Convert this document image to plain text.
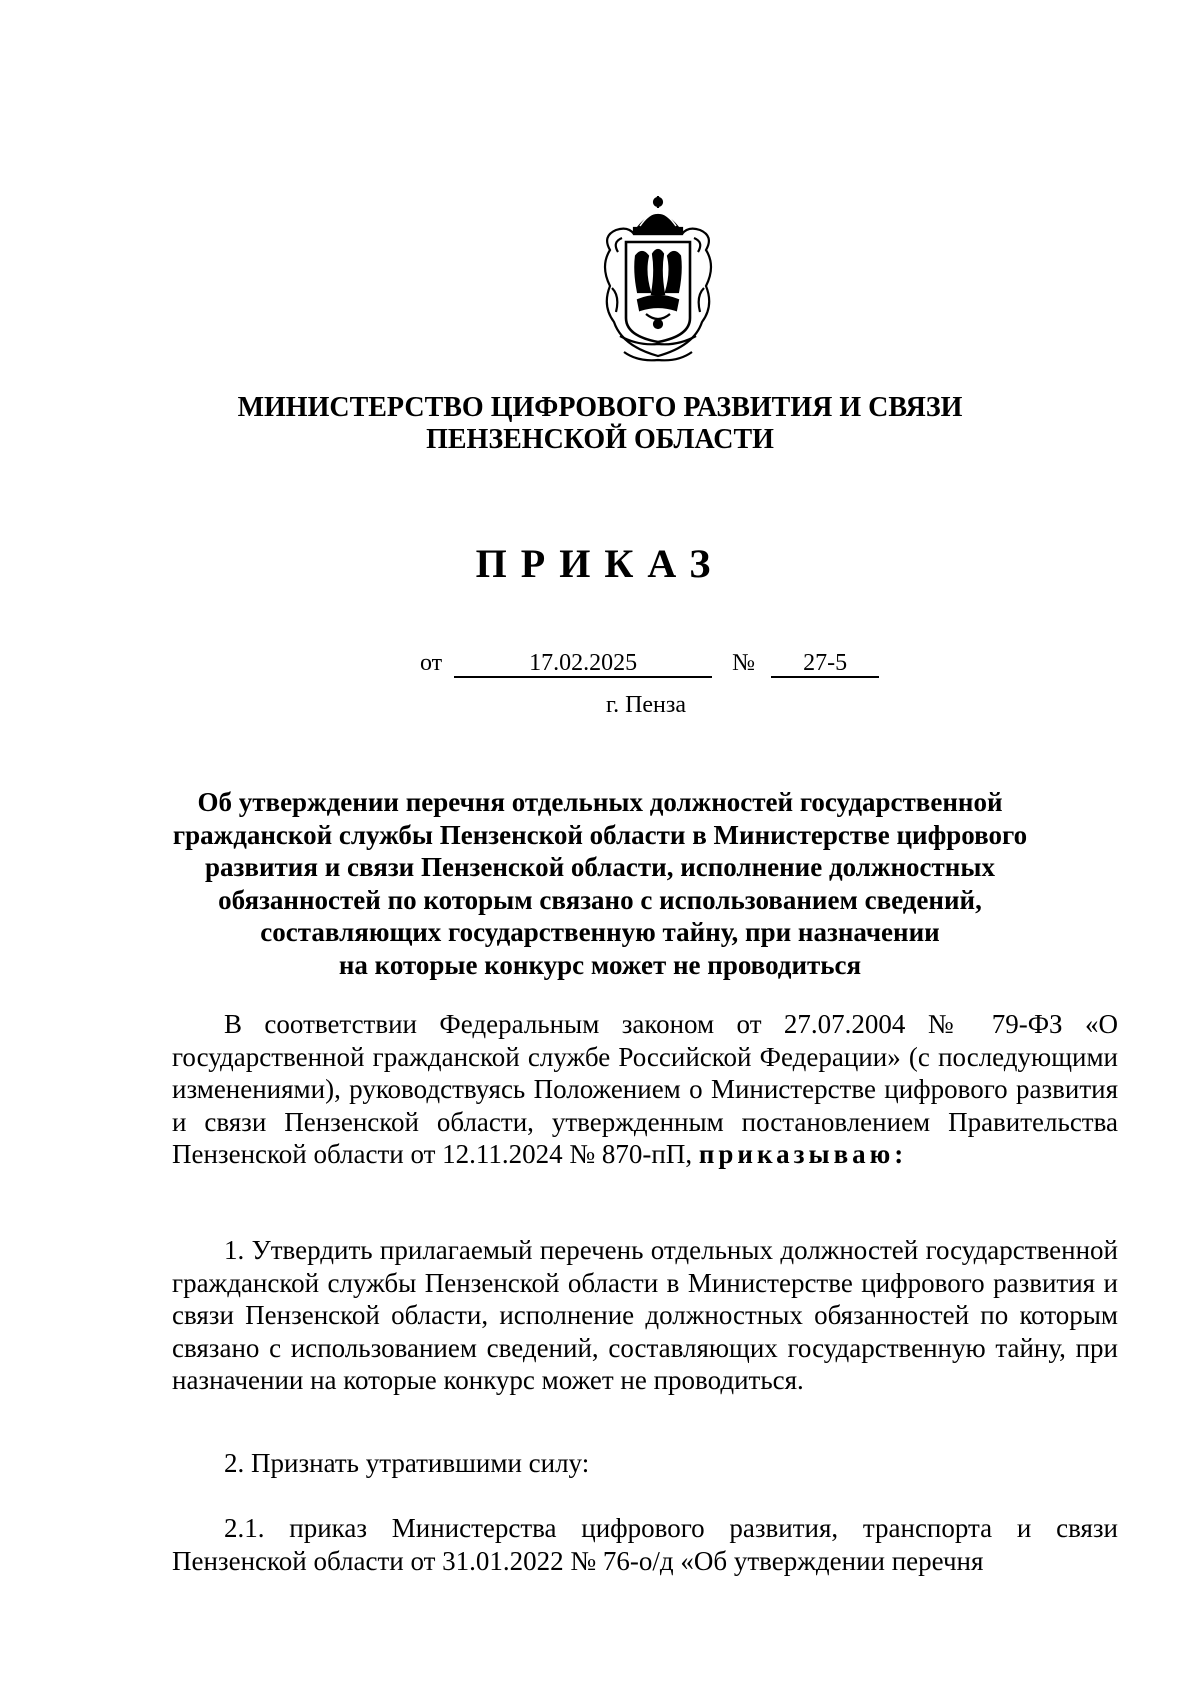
МИНИСТЕРСТВО ЦИФРОВОГО РАЗВИТИЯ И СВЯЗИ
ПЕНЗЕНСКОЙ ОБЛАСТИ
ПРИКАЗ
от	17.02.2025	№ 27-5
г. Пенза
Об утверждении перечня отдельных должностей государственной
гражданской службы Пензенской области в Министерстве цифрового
развития и связи Пензенской области, исполнение должностных
обязанностей по которым связано с использованием сведений,
составляющих государственную тайну, при назначении
на которые конкурс может не проводиться

В соответствии Федеральным законом от 27.07.2004 № 79-ФЗ «О государственной гражданской службе Российской Федерации» (с последующими изменениями), руководствуясь Положением о Министерстве цифрового развития и связи Пензенской области, утвержденным постановлением Правительства Пензенской области от 12.11.2024 № 870-пП, приказываю:

1. Утвердить прилагаемый перечень отдельных должностей государственной гражданской службы Пензенской области в Министерстве цифрового развития и связи Пензенской области, исполнение должностных обязанностей по которым связано с использованием сведений, составляющих государственную тайну, при назначении на которые конкурс может не проводиться.

2. Признать утратившими силу:

2.1. приказ Министерства цифрового развития, транспорта и связи Пензенской области от 31.01.2022 № 76-о/д «Об утверждении перечня
